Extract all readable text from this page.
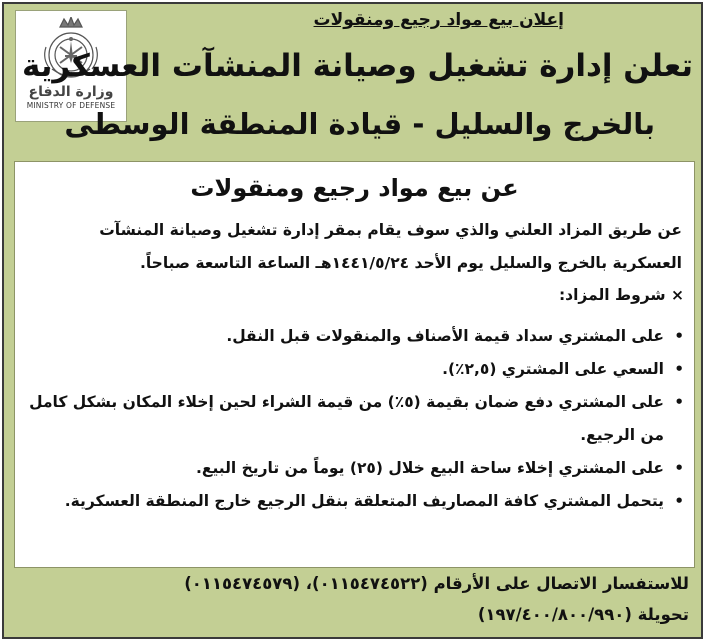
وزارة الدفاع
MINISTRY OF DEFENSE
إعلان بيع مواد رجيع ومنقولات
تعلن إدارة تشغيل وصيانة المنشآت العسكرية
بالخرج والسليل - قيادة المنطقة الوسطى
عن بيع مواد رجيع ومنقولات

عن طريق المزاد العلني والذي سوف يقام بمقر إدارة تشغيل وصيانة المنشآت

العسكرية بالخرج والسليل يوم الأحد ١٤٤١/٥/٢٤هـ الساعة التاسعة صباحاً.

× شروط المزاد:
•
على المشتري سداد قيمة الأصناف والمنقولات قبل النقل.
•
السعي على المشتري (٢,٥٪).
•
على المشتري دفع ضمان بقيمة (٥٪) من قيمة الشراء لحين إخلاء المكان بشكل كامل من الرجيع.
•
على المشتري إخلاء ساحة البيع خلال (٢٥) يوماً من تاريخ البيع.
•
يتحمل المشتري كافة المصاريف المتعلقة بنقل الرجيع خارج المنطقة العسكرية.
للاستفسار الاتصال على الأرقام (٠١١٥٤٧٤٥٢٢)، (٠١١٥٤٧٤٥٧٩)
تحويلة (١٩٧/٤٠٠/٨٠٠/٩٩٠)
